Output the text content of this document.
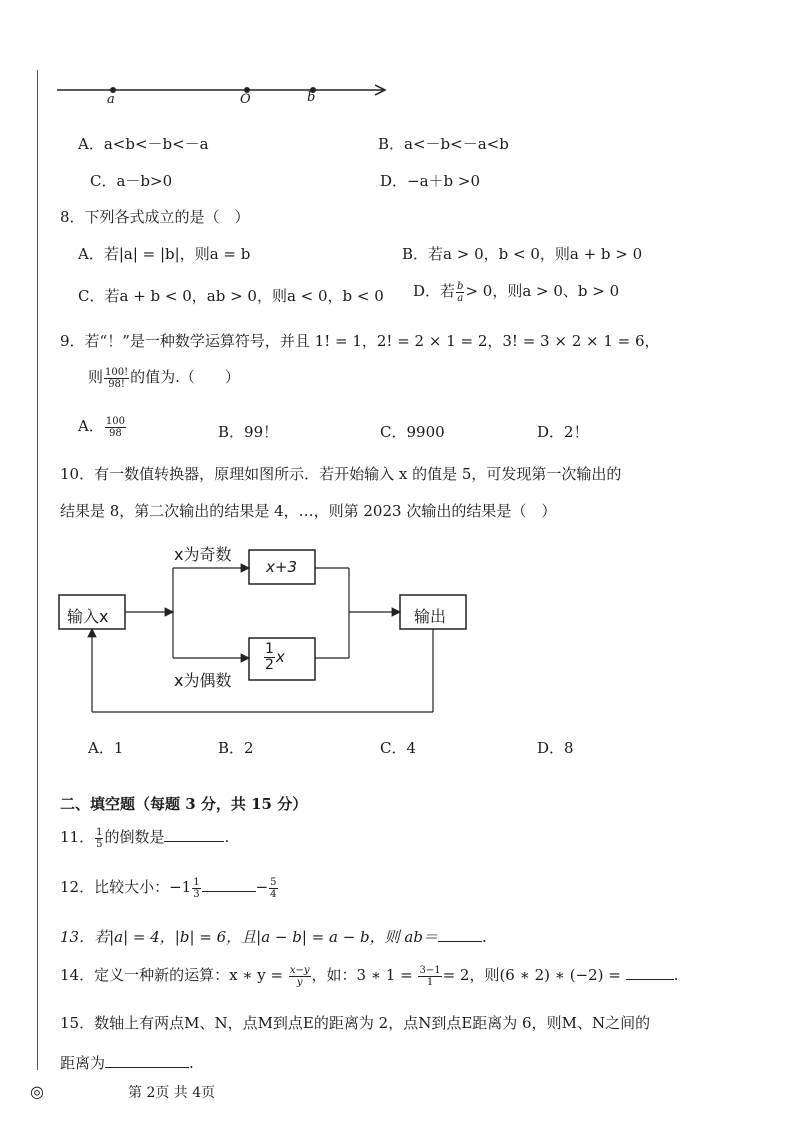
a	O	b
A．a<b<－b<－a	B．a<－b<－a<b
C．a－b>0	D．−a＋b >0
8．下列各式成立的是（　）
A．若|a| = |b|，则a = b	B．若a > 0，b < 0，则a + b > 0
C．若a + b < 0，ab > 0，则a < 0，b < 0 D．若 $\frac{b}{a} > 0$，则a > 0、b > 0
9．若“！”是一种数学运算符号，并且 1! = 1，2! = 2 × 1 = 2，3! = 3 × 2 × 1 = 6，
则 $\frac{100!}{98!}$ 的值为.（　　）
A． $\frac{100}{98}$	B．99！	C．9900	D．2！
10．有一数值转换器，原理如图所示．若开始输入 x 的值是 5，可发现第一次输出的
结果是 8，第二次输出的结果是 4，…，则第 2023 次输出的结果是（　）
输入x
x为奇数
x+3
$\frac{1}{2}$ x
x为偶数
输出
A．1	B．2	C．4	D．8
二、填空题（每题 3 分，共 15 分）
11． $\frac{1}{5}$ 的倒数是	.
12．比较大小：$-1 \frac{1}{3}$	− $\frac{5}{4}$
13．若|a| = 4，|b| = 6，且|a − b| = a − b，则 ab＝	.
14．定义一种新的运算：x ∗ $y = \frac{x-y}{y}$ ，如：3 ∗ $1 = \frac{3-1}{1} = 2$，则(6 ∗ 2) ∗ (−2) =	.
15．数轴上有两点M、N，点M到点E的距离为 2，点N到点E距离为 6，则M、N之间的
距离为	.
◎	第 2页 共 4页
